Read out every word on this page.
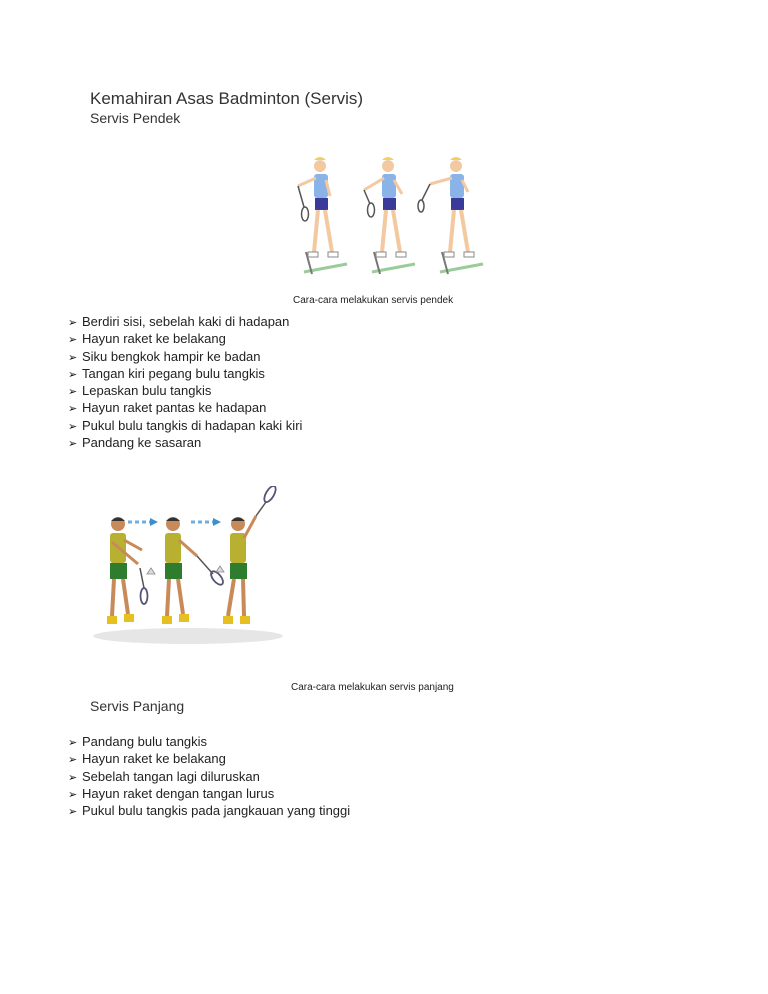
Kemahiran Asas Badminton (Servis)
Servis Pendek
Cara-cara melakukan servis pendek
➢ Berdiri sisi, sebelah kaki di hadapan
➢ Hayun raket ke belakang
➢ Siku bengkok hampir ke badan
➢ Tangan kiri pegang bulu tangkis
➢ Lepaskan bulu tangkis
➢ Hayun raket pantas ke hadapan
➢ Pukul bulu tangkis di hadapan kaki kiri
➢ Pandang ke sasaran
Cara-cara melakukan servis panjang
Servis Panjang
➢ Pandang bulu tangkis
➢ Hayun raket ke belakang
➢ Sebelah tangan lagi diluruskan
➢ Hayun raket dengan tangan lurus
➢ Pukul bulu tangkis pada jangkauan yang tinggi
